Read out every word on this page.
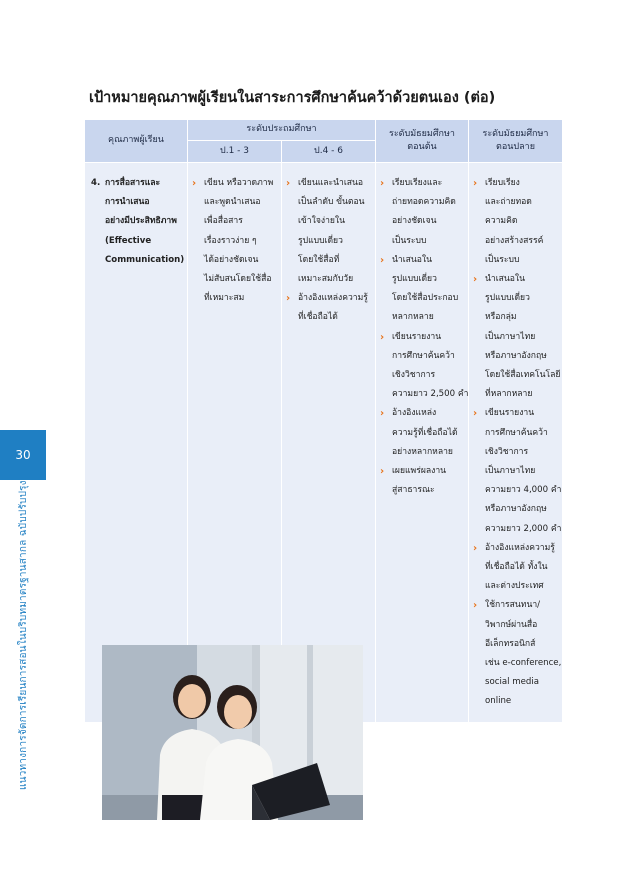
30
แนวทางการจัดการเรียนการสอนในบริบทมาตรฐานสากล ฉบับปรับปรุง
เป้าหมายคุณภาพผู้เรียนในสาระการศึกษาค้นคว้าด้วยตนเอง (ต่อ)
คุณภาพผู้เรียน
ระดับประถมศึกษา
ป.1 - 3	ป.4 - 6
ระดับมัธยมศึกษา
ตอนต้น
ระดับมัธยมศึกษา
ตอนปลาย
4. การสื่อสารและ
การนำเสนอ
อย่างมีประสิทธิภาพ
(Effective
Communication)
› เขียน หรือวาดภาพ
และพูดนำเสนอ
เพื่อสื่อสาร
เรื่องราวง่าย ๆ
ได้อย่างชัดเจน
ไม่สับสนโดยใช้สื่อ
ที่เหมาะสม
› เขียนและนำเสนอ
เป็นลำดับ ขั้นตอน
เข้าใจง่ายใน
รูปแบบเดี่ยว
โดยใช้สื่อที่
เหมาะสมกับวัย
› อ้างอิงแหล่งความรู้
ที่เชื่อถือได้
› เรียบเรียงและ
ถ่ายทอดความคิด
อย่างชัดเจน
เป็นระบบ
› นำเสนอใน
รูปแบบเดี่ยว
โดยใช้สื่อประกอบ
หลากหลาย
› เขียนรายงาน
การศึกษาค้นคว้า
เชิงวิชาการ
ความยาว 2,500 คำ
› อ้างอิงแหล่ง
ความรู้ที่เชื่อถือได้
อย่างหลากหลาย
› เผยแพร่ผลงาน
สู่สาธารณะ
› เรียบเรียง
และถ่ายทอด
ความคิด
อย่างสร้างสรรค์
เป็นระบบ
› นำเสนอใน
รูปแบบเดี่ยว
หรือกลุ่ม
เป็นภาษาไทย
หรือภาษาอังกฤษ
โดยใช้สื่อเทคโนโลยี
ที่หลากหลาย
› เขียนรายงาน
การศึกษาค้นคว้า
เชิงวิชาการ
เป็นภาษาไทย
ความยาว 4,000 คำ
หรือภาษาอังกฤษ
ความยาว 2,000 คำ
› อ้างอิงแหล่งความรู้
ที่เชื่อถือได้ ทั้งใน
และต่างประเทศ
› ใช้การสนทนา/
วิพากษ์ผ่านสื่อ
อีเล็กทรอนิกส์
เช่น e-conference,
social media
online
